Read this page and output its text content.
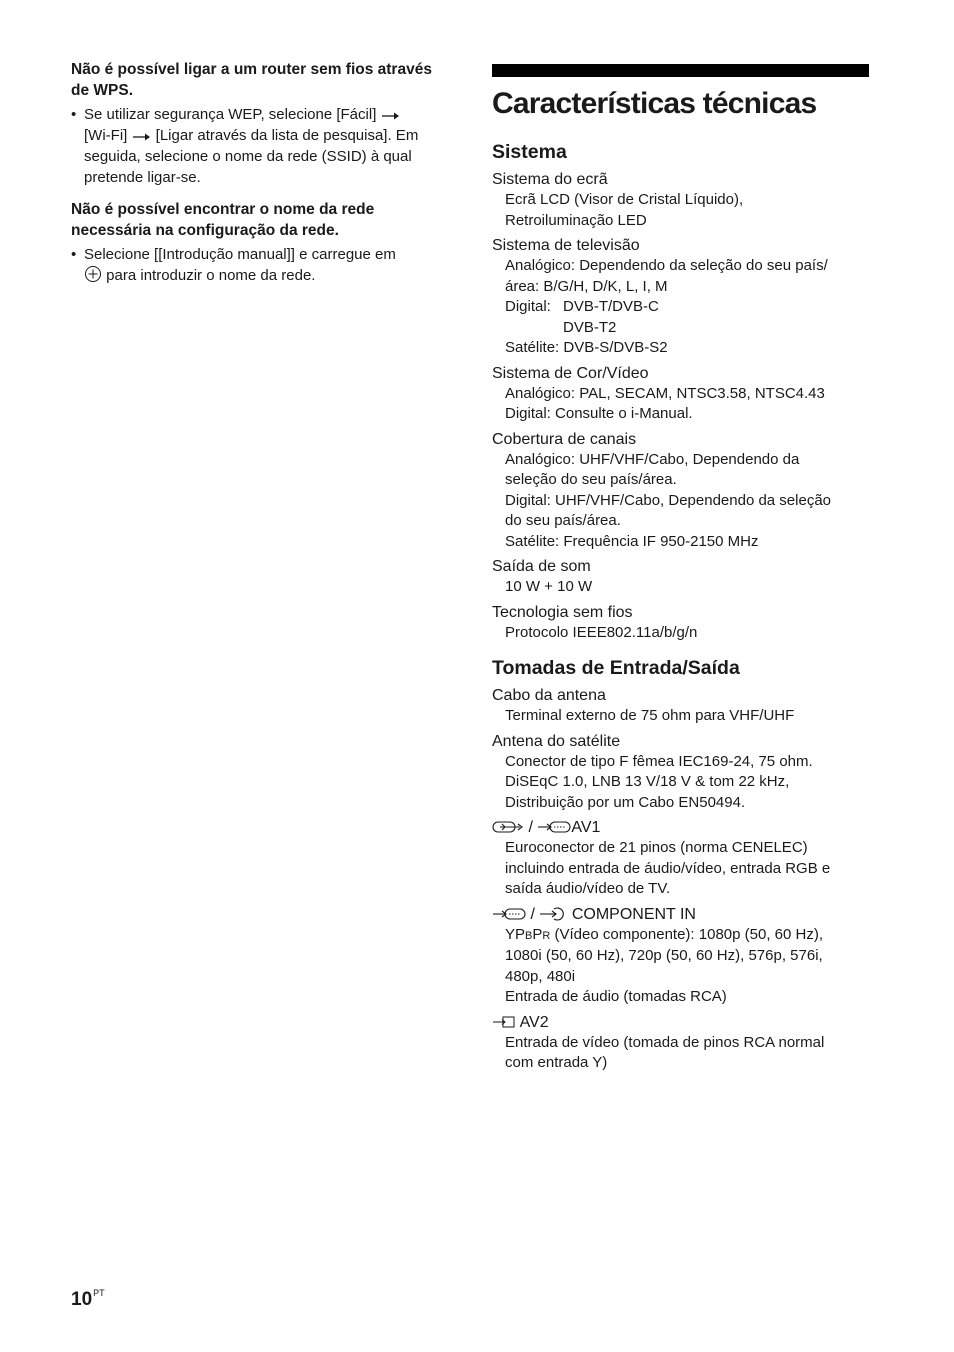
Não é possível ligar a um router sem fios através de WPS.
• Se utilizar segurança WEP, selecione [Fácil]
[Wi-Fi] [Ligar através da lista de pesquisa]. Em seguida, selecione o nome da rede (SSID) à qual pretende ligar-se.
Não é possível encontrar o nome da rede necessária na configuração da rede.
• Selecione [[Introdução manual]] e carregue em
para introduzir o nome da rede.
Características técnicas
Sistema
Sistema do ecrã
Ecrã LCD (Visor de Cristal Líquido),
Retroiluminação LED
Sistema de televisão
Analógico: Dependendo da seleção do seu país/
área: B/G/H, D/K, L, I, M
Digital: DVB-T/DVB-C
DVB-T2
Satélite: DVB-S/DVB-S2
Sistema de Cor/Vídeo
Analógico: PAL, SECAM, NTSC3.58, NTSC4.43
Digital: Consulte o i-Manual.
Cobertura de canais
Analógico: UHF/VHF/Cabo, Dependendo da
seleção do seu país/área.
Digital: UHF/VHF/Cabo, Dependendo da seleção
do seu país/área.
Satélite: Frequência IF 950-2150 MHz
Saída de som
10 W + 10 W
Tecnologia sem fios
Protocolo IEEE802.11a/b/g/n
Tomadas de Entrada/Saída
Cabo da antena
Terminal externo de 75 ohm para VHF/UHF
Antena do satélite
Conector de tipo F fêmea IEC169-24, 75 ohm.
DiSEqC 1.0, LNB 13 V/18 V & tom 22 kHz,
Distribuição por um Cabo EN50494.
/ AV1
Euroconector de 21 pinos (norma CENELEC)
incluindo entrada de áudio/vídeo, entrada RGB e
saída áudio/vídeo de TV.
/ COMPONENT IN
YPBPR (Vídeo componente): 1080p (50, 60 Hz),
1080i (50, 60 Hz), 720p (50, 60 Hz), 576p, 576i,
480p, 480i
Entrada de áudio (tomadas RCA)
AV2
Entrada de vídeo (tomada de pinos RCA normal
com entrada Y)
$10^{PT}$
